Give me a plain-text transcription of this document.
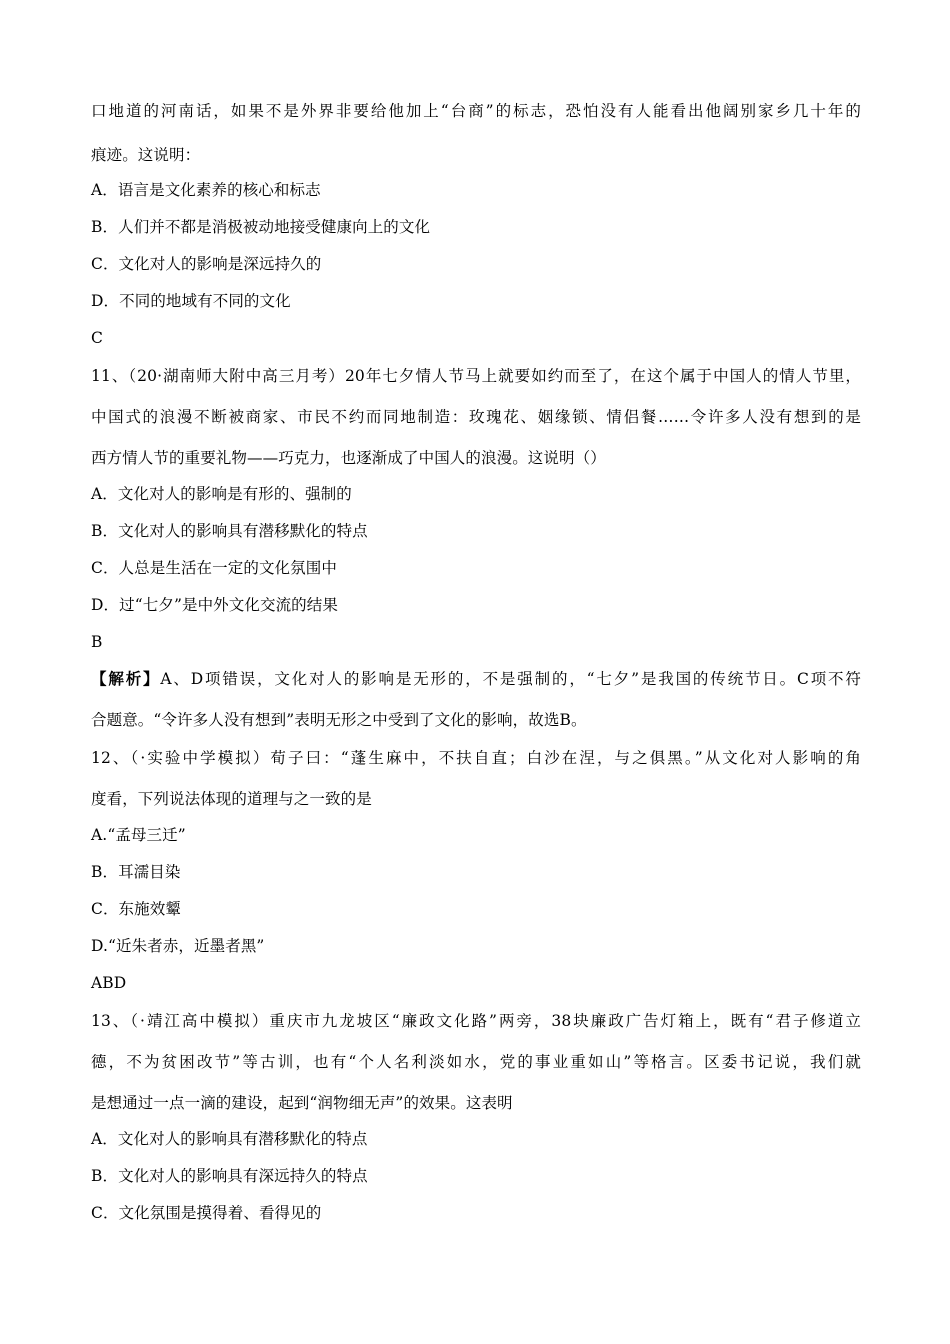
口地道的河南话，如果不是外界非要给他加上“台商”的标志，恐怕没有人能看出他阔别家乡几十年的
痕迹。这说明：
A．语言是文化素养的核心和标志
B．人们并不都是消极被动地接受健康向上的文化
C．文化对人的影响是深远持久的
D．不同的地域有不同的文化
C
11、（20·湖南师大附中高三月考）20年七夕情人节马上就要如约而至了，在这个属于中国人的情人节里，
中国式的浪漫不断被商家、市民不约而同地制造：玫瑰花、姻缘锁、情侣餐……令许多人没有想到的是
西方情人节的重要礼物——巧克力，也逐渐成了中国人的浪漫。这说明（）
A．文化对人的影响是有形的、强制的
B．文化对人的影响具有潜移默化的特点
C．人总是生活在一定的文化氛围中
D．过“七夕”是中外文化交流的结果
B
【解析】A、D项错误，文化对人的影响是无形的，不是强制的，“七夕”是我国的传统节日。C项不符
合题意。“令许多人没有想到”表明无形之中受到了文化的影响，故选B。
12、（·实验中学模拟）荀子曰：“蓬生麻中，不扶自直；白沙在涅，与之俱黑。”从文化对人影响的角
度看，下列说法体现的道理与之一致的是
A.“孟母三迁”
B．耳濡目染
C．东施效颦
D.“近朱者赤，近墨者黑”
ABD
13、（·靖江高中模拟）重庆市九龙坡区“廉政文化路”两旁，38块廉政广告灯箱上，既有“君子修道立
德，不为贫困改节”等古训，也有“个人名利淡如水，党的事业重如山”等格言。区委书记说，我们就
是想通过一点一滴的建设，起到“润物细无声”的效果。这表明
A．文化对人的影响具有潜移默化的特点
B．文化对人的影响具有深远持久的特点
C．文化氛围是摸得着、看得见的
